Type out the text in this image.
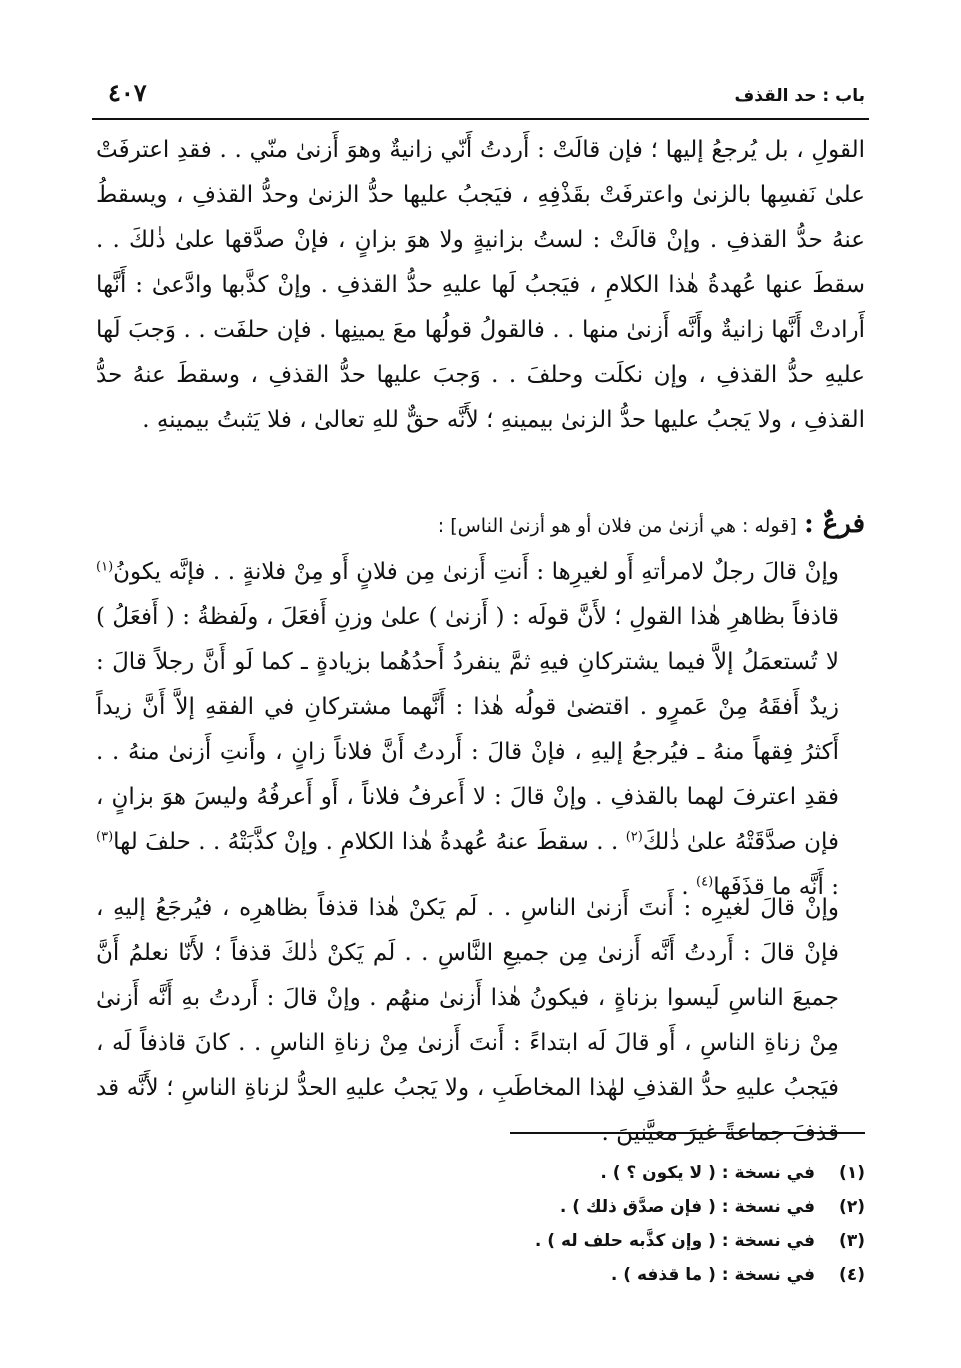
باب : حد القذف
٤٠٧

القولِ ، بل يُرجعُ إليها ؛ فإن قالَتْ : أَردتُ أَنّي زانيةٌ وهوَ أَزنىٰ منّي . . فقدِ اعترفَتْ علىٰ نَفسِها بالزنىٰ واعترفَتْ بقَذْفِهِ ، فيَجبُ عليها حدُّ الزنىٰ وحدُّ القذفِ ، ويسقطُ عنهُ حدُّ القذفِ . وإنْ قالَتْ : لستُ بزانيةٍ ولا هوَ بزانٍ ، فإنْ صدَّقها علىٰ ذٰلكَ . . سقطَ عنها عُهدةُ هٰذا الكلامِ ، فيَجبُ لَها عليهِ حدُّ القذفِ . وإنْ كذَّبها وادَّعىٰ : أَنَّها أَرادتْ أَنَّها زانيةٌ وأَنَّه أَزنىٰ منها . . فالقولُ قولُها معَ يمينِها . فإن حلفَت . . وَجبَ لَها عليهِ حدُّ القذفِ ، وإن نكلَت وحلفَ . . وَجبَ عليها حدُّ القذفِ ، وسقطَ عنهُ حدُّ القذفِ ، ولا يَجبُ عليها حدُّ الزنىٰ بيمينهِ ؛ لأَنَّه حقٌّ للهِ تعالىٰ ، فلا يَثبتُ بيمينهِ .

فرعٌ : [قوله : هي أزنىٰ من فلان أو هو أزنىٰ الناس] :

وإنْ قالَ رجلٌ لامرأتهِ أَو لغيرِها : أَنتِ أَزنىٰ مِن فلانٍ أَو مِنْ فلانةٍ . . فإنَّه يكونُ$^{(١)}$ قاذفاً بظاهرِ هٰذا القولِ ؛ لأَنَّ قولَه : ( أَزنىٰ ) علىٰ وزنِ أَفعَلَ ، ولَفظةُ : ( أَفعَلُ ) لا تُستعمَلُ إلاَّ فيما يشتركانِ فيهِ ثمَّ ينفردُ أَحدُهُما بزيادةٍ ـ كما لَو أَنَّ رجلاً قالَ : زيدٌ أَفقَهُ مِنْ عَمرٍو . اقتضىٰ قولُه هٰذا : أَنَّهما مشتركانِ في الفقهِ إلاَّ أَنَّ زيداً أَكثرُ فِقهاً منهُ ـ فيُرجعُ إليهِ ، فإنْ قالَ : أَردتُ أَنَّ فلاناً زانٍ ، وأَنتِ أَزنىٰ منهُ . . فقدِ اعترفَ لهما بالقذفِ . وإنْ قالَ : لا أَعرفُ فلاناً ، أَو أَعرفُهُ وليسَ هوَ بزانٍ ، فإن صدَّقَتْهُ علىٰ ذٰلكَ$^{(٢)}$ . . سقطَ عنهُ عُهدةُ هٰذا الكلامِ . وإنْ كذَّبَتْهُ . . حلفَ لها$^{(٣)}$ : أَنَّه ما قذَفَها$^{(٤)}$ .

وإنْ قالَ لغيرِه : أَنتَ أَزنىٰ الناسِ . . لَم يَكنْ هٰذا قذفاً بظاهرِه ، فيُرجَعُ إليهِ ، فإنْ قالَ : أَردتُ أَنَّه أَزنىٰ مِن جميعِ النَّاسِ . . لَم يَكنْ ذٰلكَ قذفاً ؛ لأَنّا نعلمُ أَنَّ جميعَ الناسِ لَيسوا بزناةٍ ، فيكونُ هٰذا أَزنىٰ منهُم . وإنْ قالَ : أَردتُ بهِ أَنَّه أَزنىٰ مِنْ زناةِ الناسِ ، أَو قالَ لَه ابتداءً : أَنتَ أَزنىٰ مِنْ زناةِ الناسِ . . كانَ قاذفاً لَه ، فيَجبُ عليهِ حدُّ القذفِ لهٰذا المخاطَبِ ، ولا يَجبُ عليهِ الحدُّ لزناةِ الناسِ ؛ لأَنَّه قد قذفَ جماعةً غيرَ معيَّنينَ .

(١)في نسخة : ( لا يكون ؟ ) .
(٢)في نسخة : ( فإن صدَّق ذلك ) .
(٣)في نسخة : ( وإن كذَّبه حلف له ) .
(٤)في نسخة : ( ما قذفه ) .
